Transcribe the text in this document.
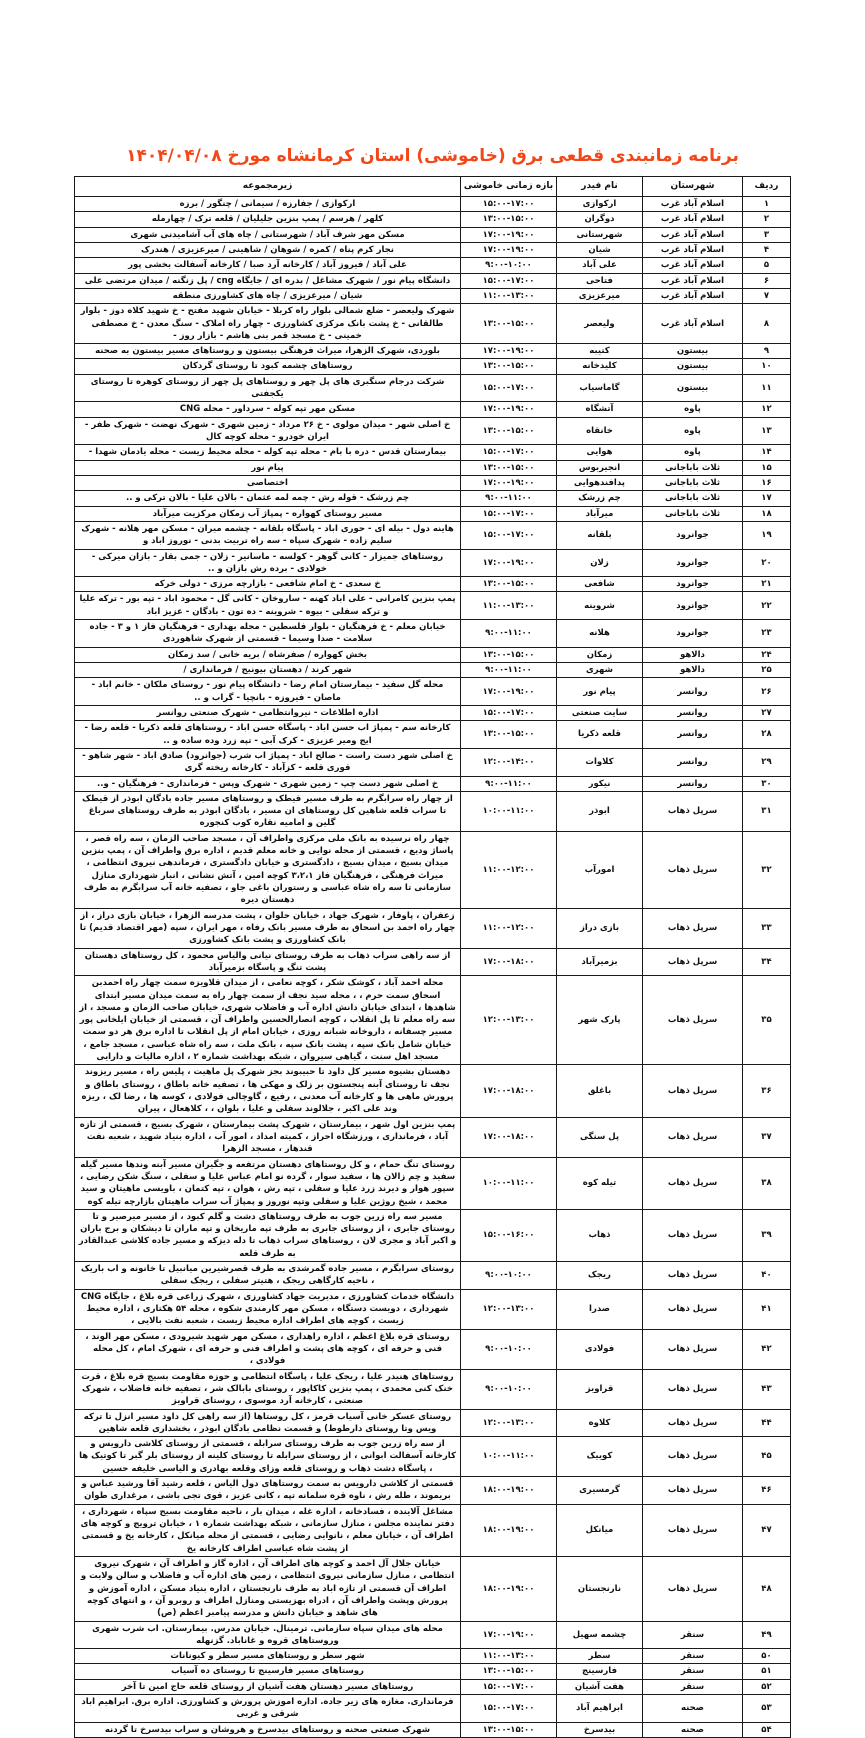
برنامه زمانبندی قطعی برق (خاموشی) استان کرمانشاه مورخ ۱۴۰۴/۰۴/۰۸
ردیف	شهرستان	نام فیدر	بازه زمانی خاموشی	زیرمجموعه
۱	اسلام آباد غرب	ارکوازی	۱۵:۰۰-۱۷:۰۰	ارکوازی / جفارزه / سیمانی / چنگور / برزه
۲	اسلام آباد غرب	دوگران	۱۳:۰۰-۱۵:۰۰	کلهر / هرسم / پمپ بنزین جلیلیان / قلعه ترک / چهارمله
۳	اسلام آباد غرب	شهرستانی	۱۷:۰۰-۱۹:۰۰	مسکن مهر شرف آباد / شهرستانی / چاه های آب آشامیدنی شهری
۴	اسلام آباد غرب	شیان	۱۷:۰۰-۱۹:۰۰	نجار کرم پناه / کمره / شوهان / شاهینی / میرعزیزی / هندرک
۵	اسلام آباد غرب	علی آباد	۹:۰۰-۱۰:۰۰	علی آباد / فیروز آباد / کارخانه آرد صبا / کارخانه آسفالت بخشی پور
۶	اسلام آباد غرب	فتاحی	۱۵:۰۰-۱۷:۰۰	دانشگاه پیام نور / شهرک مشاغل / بدره ای / جایگاه cng / پل زنگنه / میدان مرتضی علی
۷	اسلام آباد غرب	میرعزیزی	۱۱:۰۰-۱۳:۰۰	شیان / میرعزیزی / چاه های کشاورزی منطقه
۸	اسلام آباد غرب	ولیعصر	۱۳:۰۰-۱۵:۰۰	شهرک ولیعصر - ضلع شمالی بلوار راه کربلا - خیابان شهید مفتح - خ شهید کلاه دوز - بلوار طالقانی - خ پشت بانک مرکزی کشاورزی - چهار راه املاک - سنگ معدن - خ مصطفی خمینی - خ مسجد قمر بنی هاشم - بازار روز -
۹	بیستون	کتیبه	۱۷:۰۰-۱۹:۰۰	بلوردی، شهرک الزهرا، میراث فرهنگی بیستون و روستاهای مسیر بیستون به صحنه
۱۰	بیستون	کلیدخانه	۱۳:۰۰-۱۵:۰۰	روستاهای چشمه کبود تا روستای گردکان
۱۱	بیستون	گاماسیاب	۱۵:۰۰-۱۷:۰۰	شرکت درجام سنگبری های پل چهر و روستاهای پل چهر از روستای کوهره تا روستای یکجفتی
۱۲	پاوه	آتشگاه	۱۷:۰۰-۱۹:۰۰	مسکن مهر تپه کوله - سرداور - محله CNG
۱۳	پاوه	خانقاه	۱۳:۰۰-۱۵:۰۰	خ اصلی شهر - میدان مولوی - خ ۲۶ مرداد - زمین شهری - شهرک نهضت - شهرک ظفر - ایران خودرو - محله کوچه کال
۱۴	پاوه	هوایی	۱۵:۰۰-۱۷:۰۰	بیمارستان قدس - دره با بام - محله تپه کوله - محله محیط زیست - محله یادمان شهدا -
۱۵	ثلاث باباجانی	انجیربوس	۱۳:۰۰-۱۵:۰۰	پیام نور
۱۶	ثلاث باباجانی	پدافندهوایی	۱۷:۰۰-۱۹:۰۰	اختصاصی
۱۷	ثلاث باباجانی	چم زرشک	۹:۰۰-۱۱:۰۰	چم زرشک - قوله رش - چمه لمه عثمان - بالان علیا - بالان ترکی و ..
۱۸	ثلاث باباجانی	میرآباد	۱۵:۰۰-۱۷:۰۰	مسیر روستای کهواره - پمپاژ آب زمکان مرکزیت میرآباد
۱۹	جوانرود	بلقانه	۱۵:۰۰-۱۷:۰۰	هاینه دول - بیله ای - حوری اباد - پاسگاه بلقانه - چشمه میران - مسکن مهر هلانه - شهرک سلیم زاده - شهرک سپاه - سه راه تربیت بدنی - نوروز اباد و
۲۰	جوانرود	زلان	۱۷:۰۰-۱۹:۰۰	روستاهای جمیزار - کانی گوهر - کولسه - ماسانیر - زلان - جمی بقار - بازان میرکی - خولادی - برده رش بازان و ..
۲۱	جوانرود	شافعی	۱۳:۰۰-۱۵:۰۰	خ سعدی - خ امام شافعی - بازارچه مرزی - دولی خرکه
۲۲	جوانرود	شروینه	۱۱:۰۰-۱۳:۰۰	پمپ بنزین کامرانی - علی اباد کهنه - ساروخان - کانی گل - محمود اباد - تپه بور - ترکه علیا و ترکه سفلی - بیوه - شروینه - ده تون - بادگان - عزیز اباد
۲۳	جوانرود	هلانه	۹:۰۰-۱۱:۰۰	خیابان معلم - خ فرهنگیان - بلوار فلسطین - محله بهداری - فرهنگیان فاز ۱ و ۳ - جاده سلامت - صدا وسیما - قسمتی از شهرک شاهوردی
۲۴	دالاهو	زمکان	۱۳:۰۰-۱۵:۰۰	بخش کهواره / صفرشاه / بریه خانی / سد زمکان
۲۵	دالاهو	شهری	۹:۰۰-۱۱:۰۰	شهر کرند / دهستان بیونیج / فرمانداری /
۲۶	روانسر	پیام نور	۱۷:۰۰-۱۹:۰۰	محله گل سفید - بیمارستان امام رضا - دانشگاه پیام نور - روستای ملکان - خانم اباد - ماصان - فیروزه - بانچیا - گراب و ..
۲۷	روانسر	سایت صنعتی	۱۵:۰۰-۱۷:۰۰	اداره اطلاعات - نیروانتظامی - شهرک صنعتی روانسر
۲۸	روانسر	قلعه ذکریا	۱۳:۰۰-۱۵:۰۰	کارخانه سم - پمپاژ اب حسن اباد - پاسگاه حسن اباد - روستاهای قلعه ذکریا - قلعه رضا - ایج ومیر عزیزی - کرک آبی - تپه زرد وده ساده و ..
۲۹	روانسر	کلاوات	۱۲:۰۰-۱۴:۰۰	خ اصلی شهر دست راست - صالح اباد - پمپاژ اب شرب (جوانرود) صادق اباد - شهر شاهو - قوری قلعه - کزآباد - کارخانه ریخته گری
۳۰	روانسر	نیکور	۹:۰۰-۱۱:۰۰	خ اصلی شهر دست چپ - زمین شهری - شهرک وپس - فرمانداری - فرهنگیان - و..
۳۱	سرپل ذهاب	ابوذر	۱۰:۰۰-۱۱:۰۰	از چهار راه سرابگرم به طرف مسیر قیطک و روستاهای مسیر جاده بادگان ابوذر از قیطک تا سراب قلعه شاهین کل روستاهای ان مسیر ، بادگان ابوذر به طرف روستاهای سرباغ گلین و امامیه نقاره کوب کنجوره
۳۲	سرپل ذهاب	امورآب	۱۱:۰۰-۱۲:۰۰	چهار راه نرسیده به بانک ملی مرکزی واطراف آن ، مسجد صاحب الزمان ، سه راه قصر ، پاساژ ودیع ، قسمتی از محله نوایی و خانه معلم قدیم ، اداره برق واطراف آن ، پمپ بنزین میدان بسیج ، میدان بسیج ، دادگستری و خیابان دادگستری ، فرماندهی نیروی انتظامی ، میراث فرهنگی ، فرهنگیان فاز ۳،۲،۱ کوچه امین ، آتش نشانی ، انبار شهرداری منازل سازمانی تا سه راه شاه عباسی و رستوران باغی جاو ، تصفیه خانه آب سرابگرم به طرف دهستان دیره
۳۳	سرپل ذهاب	بازی دراز	۱۱:۰۰-۱۲:۰۰	زعفران ، پاوفار ، شهرک جهاد ، خیابان حلوان ، پشت مدرسه الزهرا ، خیابان بازی دراز ، از چهار راه احمد بن اسحاق به طرف مسیر بانک رفاه ، مهر ایران ، سپه (مهر اقتصاد قدیم) تا بانک کشاورزی و پشت بانک کشاورزی
۳۴	سرپل ذهاب	بزمیرآباد	۱۷:۰۰-۱۸:۰۰	از سه راهی سراب ذهاب به طرف روستای نیانی والیاس محمود ، کل روستاهای دهستان پشت تنگ و پاسگاه بزمیرآباد
۳۵	سرپل ذهاب	پارک شهر	۱۲:۰۰-۱۳:۰۰	محله احمد آباد ، کوشک شکر ، کوچه نعامی ، از میدان قلاویزه سمت چهار راه احمدبن اسحاق سمت حرم ، ، محله سید نجف از سمت چهار راه به سمت میدان مسیر ابتدای شاهدها ، ابتدای خیابان دانش اداره آب و فاضلاب شهری، خیابان صاحب الزمان و مسجد ، از سه راه معلم تا پل انقلاب ، کوچه انصارالحسین واطراف آن ، قسمتی از خیابان ایلخانی پور مسیر چسفانه ، داروخانه شبانه روزی ، خیابان امام از پل انقلاب تا اداره برق هر دو سمت خیابان شامل بانک سپه ، پشت بانک سپه ، بانک ملت ، سه راه شاه عباسی ، مسجد جامع ، مسجد اهل سنت ، گیاهی سیروان ، شبکه بهداشت شماره ۲ ، اداره مالیات و دارایی
۳۶	سرپل ذهاب	باغلق	۱۷:۰۰-۱۸:۰۰	دهستان بشیوه مسیر کل داود تا حبیبوند بجز شهرک پل ماهیت ، پلیس راه ، مسیر ریزوند نجف تا روستای آبنه پنجستون بر زلک و مهکی ها ، تصفیه خانه باطاق ، روستای باطاق و پرورش ماهی ها و کارخانه آب معدنی ، رفیع ، گاوچالی فولادی ، کوسه ها ، رضا لک ، ریزه وند علی اکبر ، جلالوند سفلی و علیا ، بلوان ، ، کلاهعال ، پیران
۳۷	سرپل ذهاب	پل سنگی	۱۷:۰۰-۱۸:۰۰	پمپ بنزین اول شهر ، بیمارستان ، شهرک پشت بیمارستان ، شهرک بسیج ، قسمتی از تازه آباد ، فرمانداری ، ورزشگاه احراز ، کمیته امداد ، امور آب ، اداره بنیاد شهید ، شعبه نفت قندهار ، مسجد الزهرا
۳۸	سرپل ذهاب	تیله کوه	۱۰:۰۰-۱۱:۰۰	روستای تنگ حمام ، و کل روستاهای دهستان مرتفعه و جگیران مسیر آبنه وندها مسیر گیله سفید و چم زالان ها ، سفید سوار ، گرده نو امام عباس علیا و سفلی ، سنگ شکن رضایی ، سپور هوار و دیرند زرد علیا و سفلی ، تپه رش ، هوان ، تپه کتمان ، باویسی ماهیتان و سید محمد ، شیخ روژین علیا و سفلی وتپه نوروز و پمپاژ آب سراب ماهیتان بازارچه تیله کوه
۳۹	سرپل ذهاب	ذهاب	۱۵:۰۰-۱۶:۰۰	مسیر سه راه زرین جوب به طرف روستاهای دشت و گلم کبود ، از مسیر میرصیر و تا روستای جابری ، از روستای جابری به طرف تپه ماریخان و تپه ماران تا دیشکان و برج باران و اکبر آباد و مجری لان ، روستاهای سراب ذهاب تا دله دیزکه و مسیر جاده کلاشی عبدالقادر به طرف قلعه
۴۰	سرپل ذهاب	ریجک	۹:۰۰-۱۰:۰۰	روستای سرابگرم ، مسیر جاده گمرشدی به طرف قصرشیرین میانبیل تا خانونه و اب باریک ، ناحیه کارگاهی ریجک ، هتیتر سفلی ، ریجک سفلی
۴۱	سرپل ذهاب	صدرا	۱۲:۰۰-۱۳:۰۰	دانشگاه خدمات کشاورزی ، مدیریت جهاد کشاورزی ، شهرک زراعی قره بلاغ ، جایگاه CNG شهرداری ، دویست دستگاه ، مسکن مهر کارمندی شکوه ، محله ۵۴ هکتاری ، اداره محیط زیست ، کوچه های اطراف اداره محیط زیست ، شعبه نفت بالایی ،
۴۲	سرپل ذهاب	فولادی	۹:۰۰-۱۰:۰۰	روستای قره بلاغ اعظم ، اداره راهداری ، مسکن مهر شهید شیرودی ، مسکن مهر الوند ، فنی و حرفه ای ، کوچه های پشت و اطراف فنی و حرفه ای ، شهرک امام ، کل محله فولادی ،
۴۳	سرپل ذهاب	قراویز	۹:۰۰-۱۰:۰۰	روستاهای هنیدر علیا ، ریجک علیا ، پاسگاه انتظامی و حوزه مقاومت بسیج قره بلاغ ، قرت خنک کنی محمدی ، پمپ بنزین کاکاپور ، روستای بابالک شر ، تصفیه خانه فاضلاب ، شهرک صنعتی ، کارخانه آرد موسوی ، روستای قراویز
۴۴	سرپل ذهاب	کلاوه	۱۲:۰۰-۱۳:۰۰	روستای عسکر خانی آسیاب قرمز ، کل روستاها (از سه راهی کل داود مسیر انزل تا ترکه ویس وتا روستای دارطوط) و قسمت نظامی بادگان ابوذر ، بخشداری قلعه شاهین
۴۵	سرپل ذهاب	کوییک	۱۰:۰۰-۱۱:۰۰	از سه راه زرین جوب به طرف روستای سرابله ، قسمتی از روستای کلاشی دارویس و کارخانه آسفالت ابوانی ، از روستای سرابله تا روستای کلینه از روستای بلر گبر تا کوتیک ها ، پاسگاه دشت ذهاب و روستای قلعه وزای وقلعه بهادری و الیاسی خلیفه حسین
۴۶	سرپل ذهاب	گرمسیری	۱۸:۰۰-۱۹:۰۰	قسمتی از کلاشی دارویس به سمت روستاهای دول الیاس ، قلعه رشید آقا ورشید عباس و بریموند ، طله رش ، ناوه قره سلمانه تپه ، کانی عزیز ، قوی تجی باشی ، مرغداری طوان
۴۷	سرپل ذهاب	میانکل	۱۸:۰۰-۱۹:۰۰	مشاغل آلاینده ، فسادخانه ، اداره غله ، میدان بار ، ناحیه مقاومت بسیج سپاه ، شهرداری ، دفتر نماینده مجلس ، منازل سازمانی ، شبکه بهداشت شماره ۱ ، خیابان ترویج و کوچه های اطراف آن ، خیابان معلم ، نانوایی رضایی ، قسمتی از محله میانکل ، کارخانه یخ و قسمتی از پشت شاه عباسی اطراف کارخانه یخ
۴۸	سرپل ذهاب	نارنجستان	۱۸:۰۰-۱۹:۰۰	خیابان جلال آل احمد و کوچه های اطراف آن ، اداره گاز و اطراف آن ، شهرک نیروی انتظامی ، منازل سازمانی نیروی انتظامی ، زمین های اداره آب و فاضلاب و سالن ولایت و اطراف آن قسمتی از تازه اباد به طرف نارنجستان ، اداره بنیاد مسکن ، اداره آموزش و پرورش وپشت واطراف آن ، ادراه بهزیستی ومنازل اطراف و روبرو آن ، و انتهای کوچه های شاهد و خیابان دانش و مدرسه پیامبر اعظم (ص)
۴۹	سنقر	چشمه سهیل	۱۷:۰۰-۱۹:۰۰	محله های میدان سپاه سازمانی. ترمینال. خیابان مدرس. بیمارستان. اب شرب شهری وروستاهای قروه و غاناباد. گزنهله
۵۰	سنقر	سطر	۱۱:۰۰-۱۳:۰۰	شهر سطر و روستاهای مسیر سطر و کیونانات
۵۱	سنقر	فارسینج	۱۳:۰۰-۱۵:۰۰	روستاهای مسیر فارسینج تا روستای ده آسیاب
۵۲	سنقر	هفت آشیان	۱۵:۰۰-۱۷:۰۰	روستاهای مسیر دهستان هفت آشیان از روستای قلعه حاج امین تا آخر
۵۳	صحنه	ابراهیم آباد	۱۵:۰۰-۱۷:۰۰	فرمانداری. مغازه های زیر جاده. اداره اموزش پرورش و کشاورزی. اداره برق. ابراهیم اباد شرقی و غربی
۵۴	صحنه	بیدسرخ	۱۳:۰۰-۱۵:۰۰	شهرک صنعتی صحنه و روستاهای بیدسرخ و هروشان و سراب بیدسرخ تا گردنه
